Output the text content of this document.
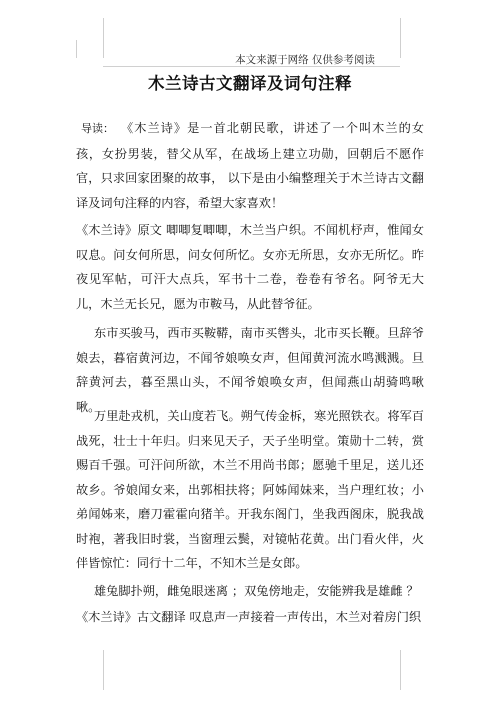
本文来源于网络 仅供参考阅读
木兰诗古文翻译及词句注释
导读： 《木兰诗》是一首北朝民歌，讲述了一个叫木兰的女孩，女扮男装，替父从军，在战场上建立功勋，回朝后不愿作官，只求回家团聚的故事， 以下是由小编整理关于木兰诗古文翻译及词句注释的内容，希望大家喜欢！
《木兰诗》原文 唧唧复唧唧，木兰当户织。不闻机杼声，惟闻女叹息。问女何所思，问女何所忆。女亦无所思，女亦无所忆。昨夜见军帖，可汗大点兵，军书十二卷，卷卷有爷名。阿爷无大儿，木兰无长兄，愿为市鞍马，从此替爷征。
东市买骏马，西市买鞍鞯，南市买辔头，北市买长鞭。旦辞爷娘去，暮宿黄河边，不闻爷娘唤女声，但闻黄河流水鸣溅溅。旦辞黄河去，暮至黑山头，不闻爷娘唤女声，但闻燕山胡骑鸣啾啾。
万里赴戎机，关山度若飞。朔气传金柝，寒光照铁衣。将军百战死，壮士十年归。归来见天子，天子坐明堂。策勋十二转，赏赐百千强。可汗问所欲，木兰不用尚书郎；愿驰千里足，送儿还故乡。爷娘闻女来，出郭相扶将；阿姊闻妹来，当户理红妆；小弟闻姊来，磨刀霍霍向猪羊。开我东阁门，坐我西阁床，脱我战时袍，著我旧时裳，当窗理云鬓，对镜帖花黄。出门看火伴，火伴皆惊忙：同行十二年，不知木兰是女郎。
雄兔脚扑朔，雌兔眼迷离 ；双兔傍地走，安能辨我是雄雌 ？
《木兰诗》古文翻译 叹息声一声接着一声传出，木兰对着房门织
